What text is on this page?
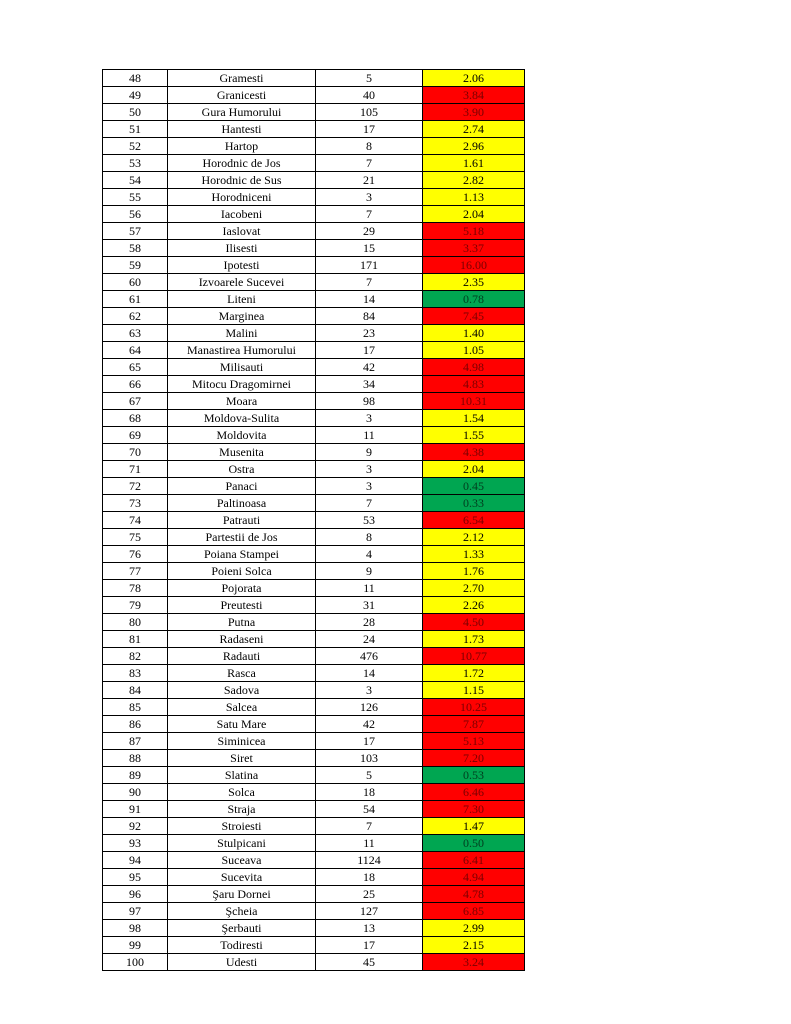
48	Gramesti	5	2.06
49	Granicesti	40	3.84
50	Gura Humorului	105	3.90
51	Hantesti	17	2.74
52	Hartop	8	2.96
53	Horodnic de Jos	7	1.61
54	Horodnic de Sus	21	2.82
55	Horodniceni	3	1.13
56	Iacobeni	7	2.04
57	Iaslovat	29	5.18
58	Ilisesti	15	3.37
59	Ipotesti	171	16.00
60	Izvoarele Sucevei	7	2.35
61	Liteni	14	0.78
62	Marginea	84	7.45
63	Malini	23	1.40
64	Manastirea Humorului	17	1.05
65	Milisauti	42	4.98
66	Mitocu Dragomirnei	34	4.83
67	Moara	98	10.31
68	Moldova-Sulita	3	1.54
69	Moldovita	11	1.55
70	Musenita	9	4.38
71	Ostra	3	2.04
72	Panaci	3	0.45
73	Paltinoasa	7	0.33
74	Patrauti	53	6.54
75	Partestii de Jos	8	2.12
76	Poiana Stampei	4	1.33
77	Poieni Solca	9	1.76
78	Pojorata	11	2.70
79	Preutesti	31	2.26
80	Putna	28	4.50
81	Radaseni	24	1.73
82	Radauti	476	10.77
83	Rasca	14	1.72
84	Sadova	3	1.15
85	Salcea	126	10.25
86	Satu Mare	42	7.87
87	Siminicea	17	5.13
88	Siret	103	7.20
89	Slatina	5	0.53
90	Solca	18	6.46
91	Straja	54	7.30
92	Stroiesti	7	1.47
93	Stulpicani	11	0.50
94	Suceava	1124	6.41
95	Sucevita	18	4.94
96	Şaru Dornei	25	4.78
97	Şcheia	127	6.85
98	Şerbauti	13	2.99
99	Todiresti	17	2.15
100	Udesti	45	3.24
